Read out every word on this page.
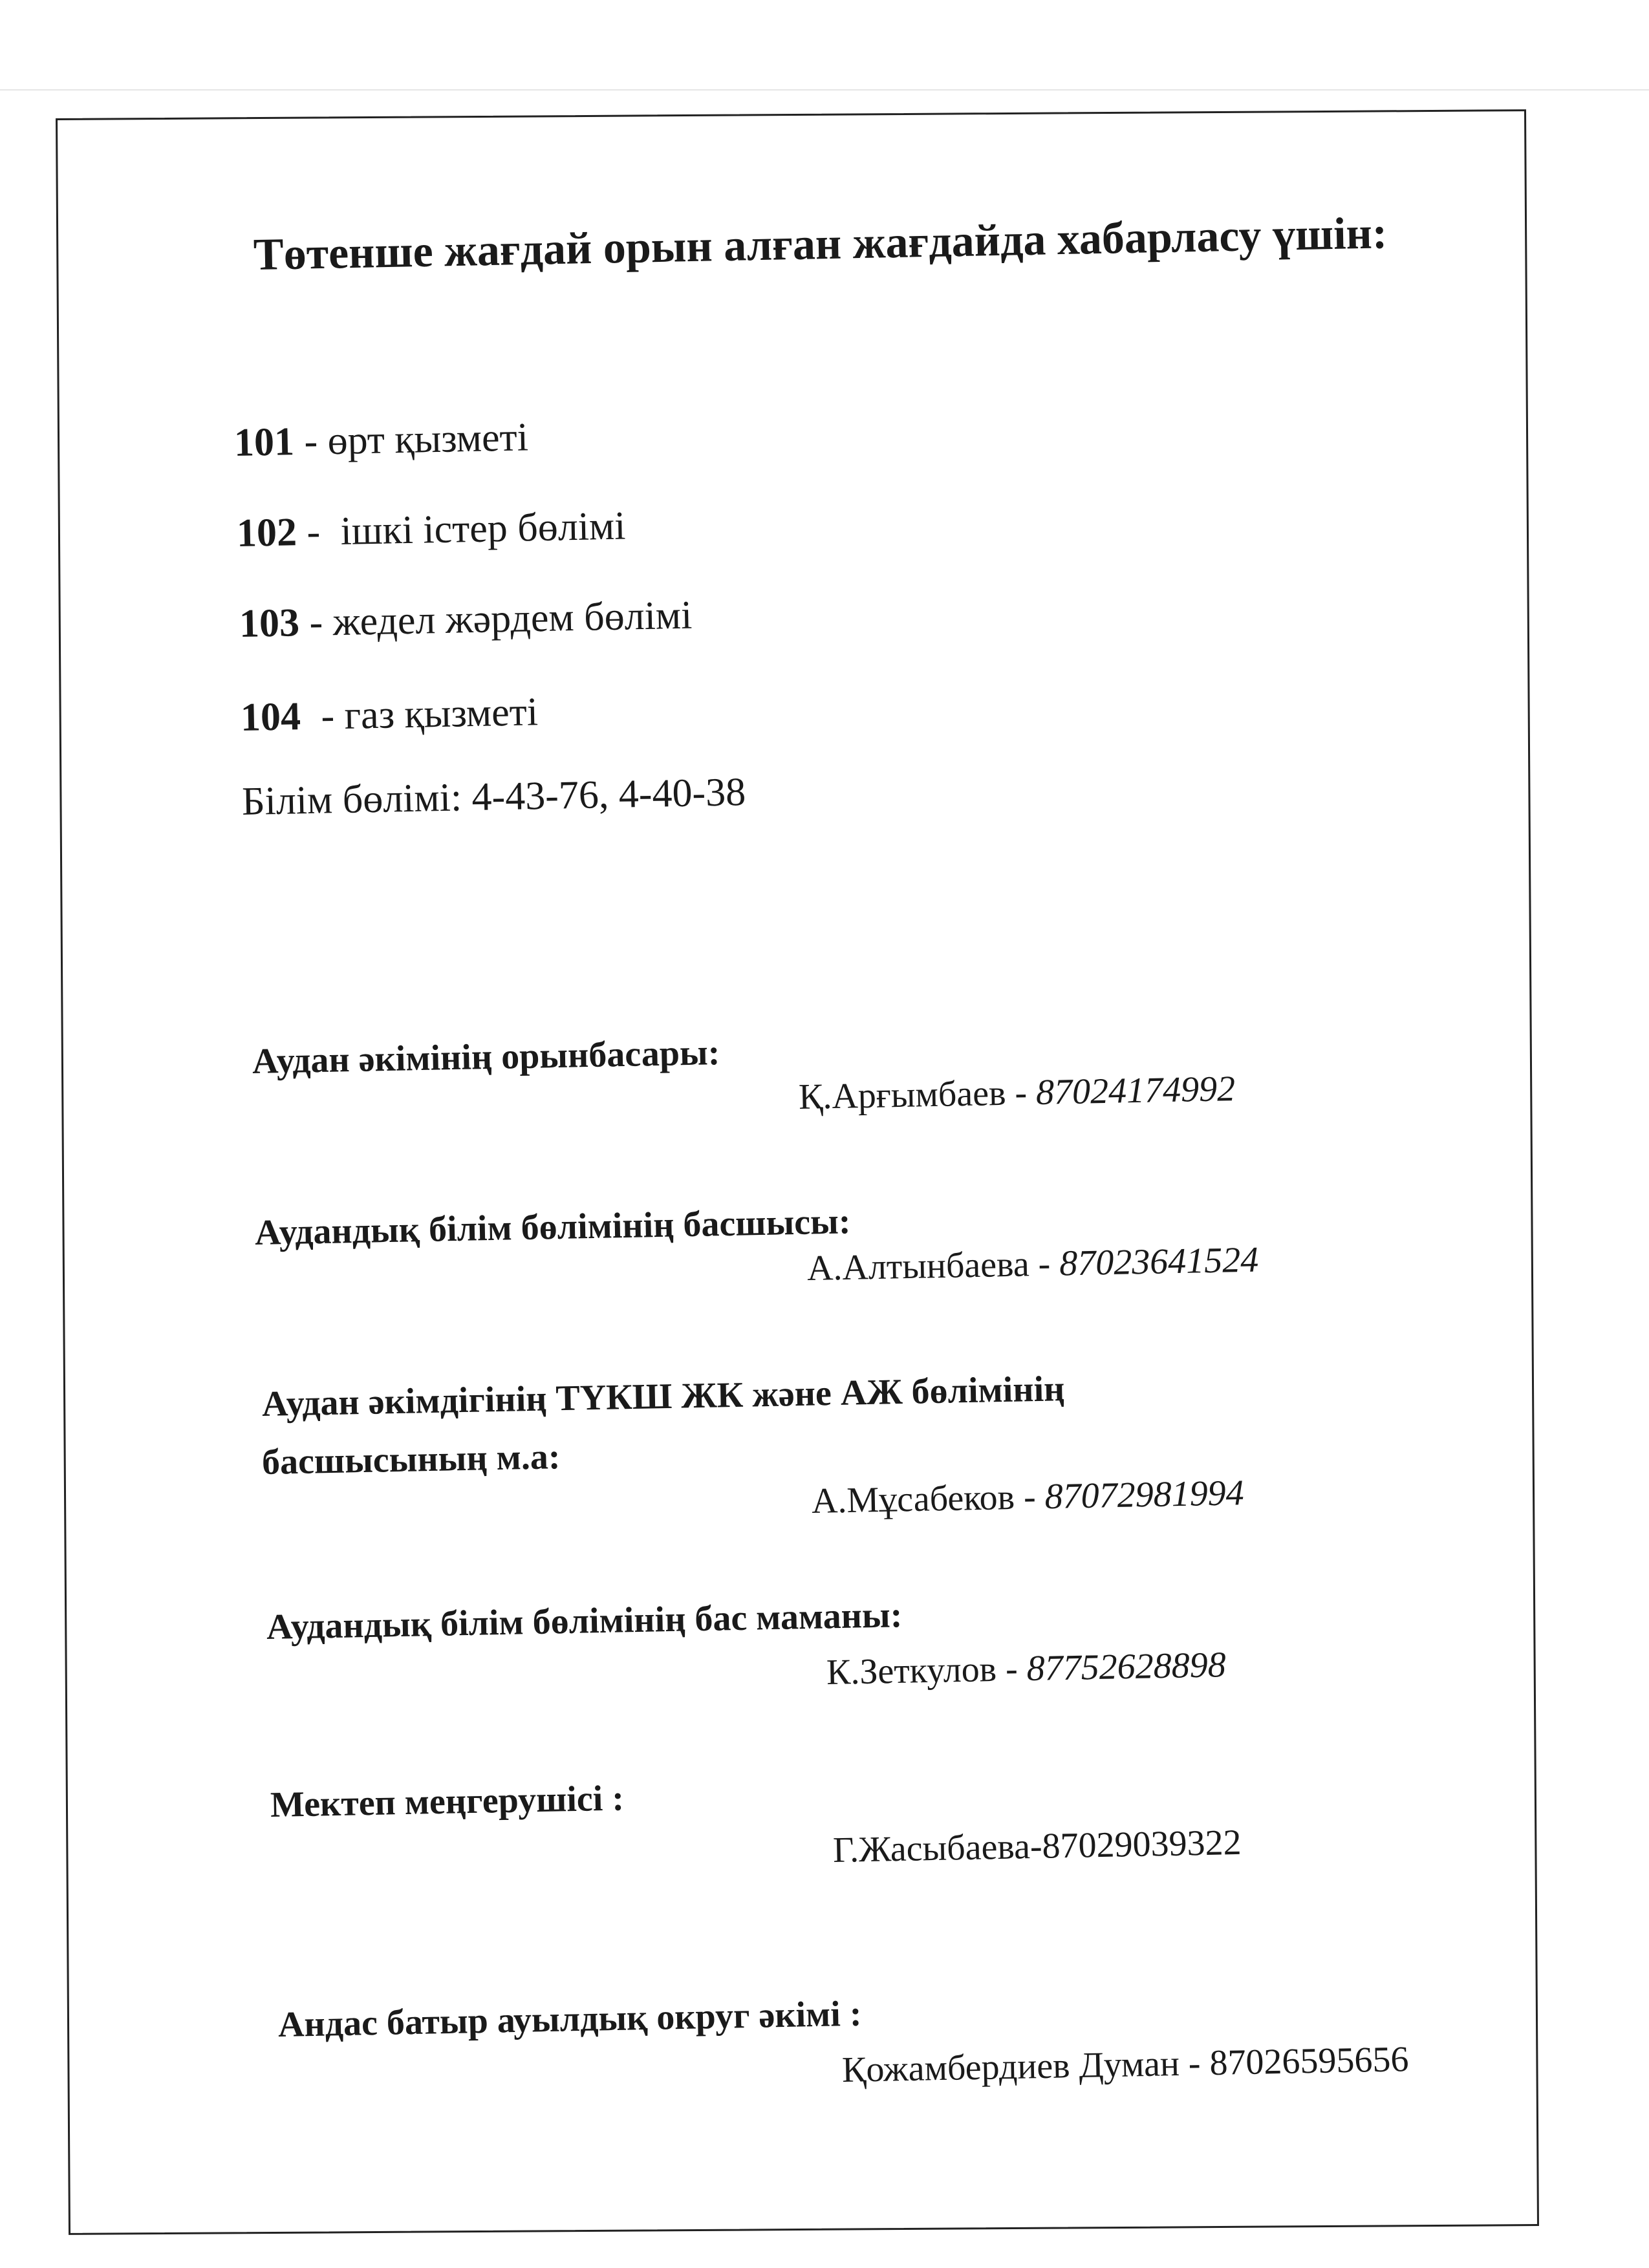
Төтенше жағдай орын алған жағдайда хабарласу үшін:
101 - өрт қызметі
102 - ішкі істер бөлімі
103 - жедел жәрдем бөлімі
104 - газ қызметі
Білім бөлімі: 4-43-76, 4-40-38
Аудан әкімінің орынбасары:
Қ.Арғымбаев - 87024174992
Аудандық білім бөлімінің басшысы:
А.Алтынбаева - 87023641524
Аудан әкімдігінің ТҮКШ ЖК және АЖ бөлімінің
басшысының м.а:
А.Мұсабеков - 87072981994
Аудандық білім бөлімінің бас маманы:
К.Зеткулов - 87752628898
Мектеп меңгерушісі :
Г.Жасыбаева-87029039322
Андас батыр ауылдық округ әкімі :
Қожамбердиев Думан - 87026595656
